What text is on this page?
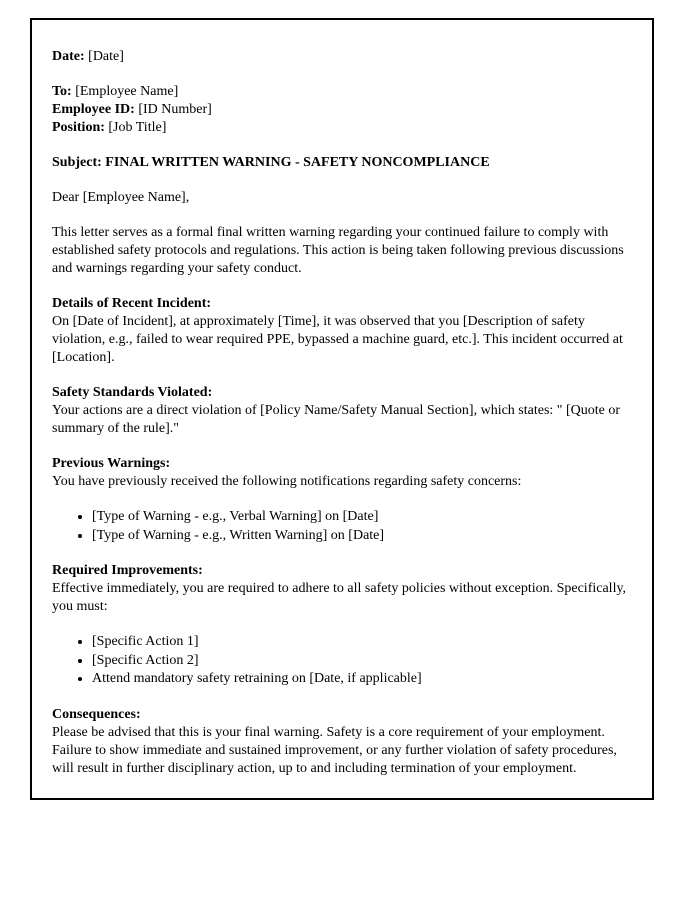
Date: [Date]

To: [Employee Name]

Employee ID: [ID Number]

Position: [Job Title]

Subject: FINAL WRITTEN WARNING - SAFETY NONCOMPLIANCE

Dear [Employee Name],

This letter serves as a formal final written warning regarding your continued failure to comply with established safety protocols and regulations. This action is being taken following previous discussions and warnings regarding your safety conduct.

Details of Recent Incident:
On [Date of Incident], at approximately [Time], it was observed that you [Description of safety violation, e.g., failed to wear required PPE, bypassed a machine guard, etc.]. This incident occurred at [Location].
Safety Standards Violated:
Your actions are a direct violation of [Policy Name/Safety Manual Section], which states: " [Quote or summary of the rule]."
Previous Warnings:
You have previously received the following notifications regarding safety concerns:
• [Type of Warning - e.g., Verbal Warning] on [Date]
• [Type of Warning - e.g., Written Warning] on [Date]
Required Improvements:
Effective immediately, you are required to adhere to all safety policies without exception. Specifically, you must:
• [Specific Action 1]
• [Specific Action 2]
• Attend mandatory safety retraining on [Date, if applicable]
Consequences:
Please be advised that this is your final warning. Safety is a core requirement of your employment. Failure to show immediate and sustained improvement, or any further violation of safety procedures, will result in further disciplinary action, up to and including termination of your employment.
